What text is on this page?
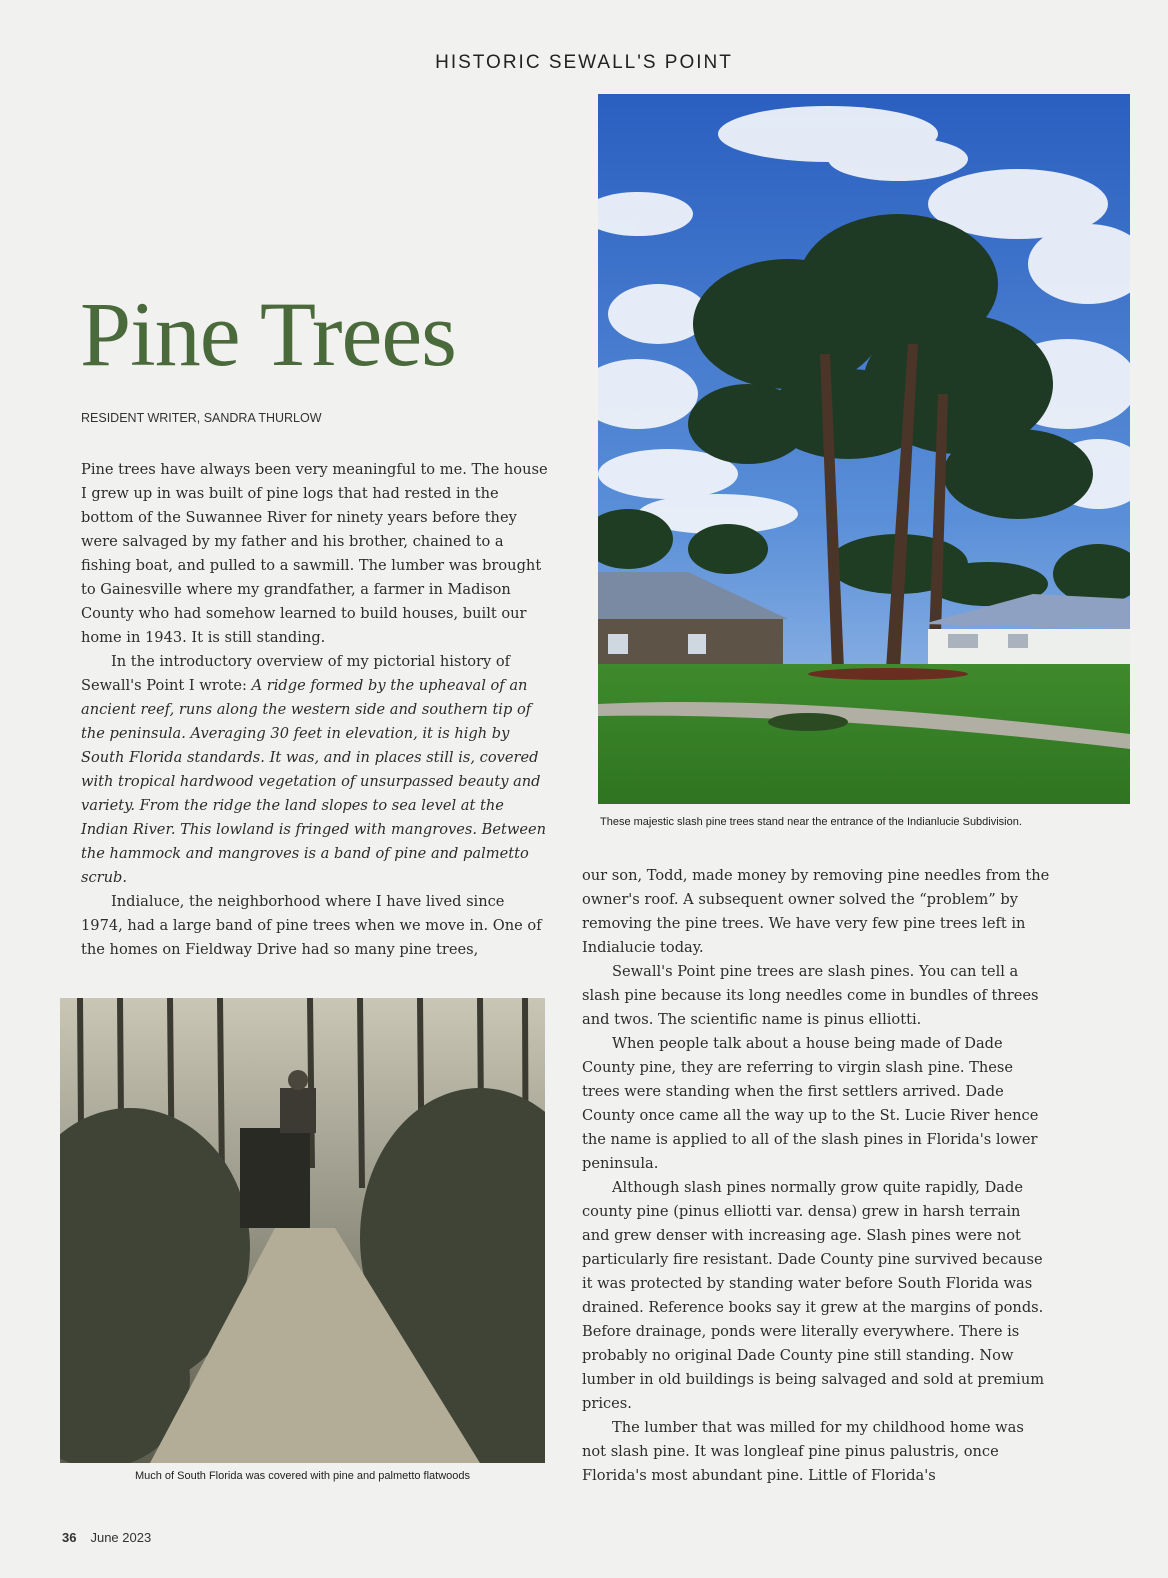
HISTORIC SEWALL'S POINT
Pine Trees
RESIDENT WRITER, SANDRA THURLOW

Pine trees have always been very meaningful to me. The house I grew up in was built of pine logs that had rested in the bottom of the Suwannee River for ninety years before they were salvaged by my father and his brother, chained to a fishing boat, and pulled to a sawmill. The lumber was brought to Gainesville where my grandfather, a farmer in Madison County who had somehow learned to build houses, built our home in 1943. It is still standing.

In the introductory overview of my pictorial history of Sewall's Point I wrote: A ridge formed by the upheaval of an ancient reef, runs along the western side and southern tip of the peninsula. Averaging 30 feet in elevation, it is high by South Florida standards. It was, and in places still is, covered with tropical hardwood vegetation of unsurpassed beauty and variety. From the ridge the land slopes to sea level at the Indian River. This lowland is fringed with mangroves. Between the hammock and mangroves is a band of pine and palmetto scrub.

Indialuce, the neighborhood where I have lived since 1974, had a large band of pine trees when we move in. One of the homes on Fieldway Drive had so many pine trees,

These majestic slash pine trees stand near the entrance of the Indianlucie Subdivision.

our son, Todd, made money by removing pine needles from the owner's roof. A subsequent owner solved the “problem” by removing the pine trees. We have very few pine trees left in Indialucie today.

Sewall's Point pine trees are slash pines. You can tell a slash pine because its long needles come in bundles of threes and twos. The scientific name is pinus elliotti.

When people talk about a house being made of Dade County pine, they are referring to virgin slash pine. These trees were standing when the first settlers arrived. Dade County once came all the way up to the St. Lucie River hence the name is applied to all of the slash pines in Florida's lower peninsula.

Although slash pines normally grow quite rapidly, Dade county pine (pinus elliotti var. densa) grew in harsh terrain and grew denser with increasing age. Slash pines were not particularly fire resistant. Dade County pine survived because it was protected by standing water before South Florida was drained. Reference books say it grew at the margins of ponds. Before drainage, ponds were literally everywhere. There is probably no original Dade County pine still standing. Now lumber in old buildings is being salvaged and sold at premium prices.

The lumber that was milled for my childhood home was not slash pine. It was longleaf pine pinus palustris, once Florida's most abundant pine. Little of Florida's

Much of South Florida was covered with pine and palmetto flatwoods
36 June 2023
